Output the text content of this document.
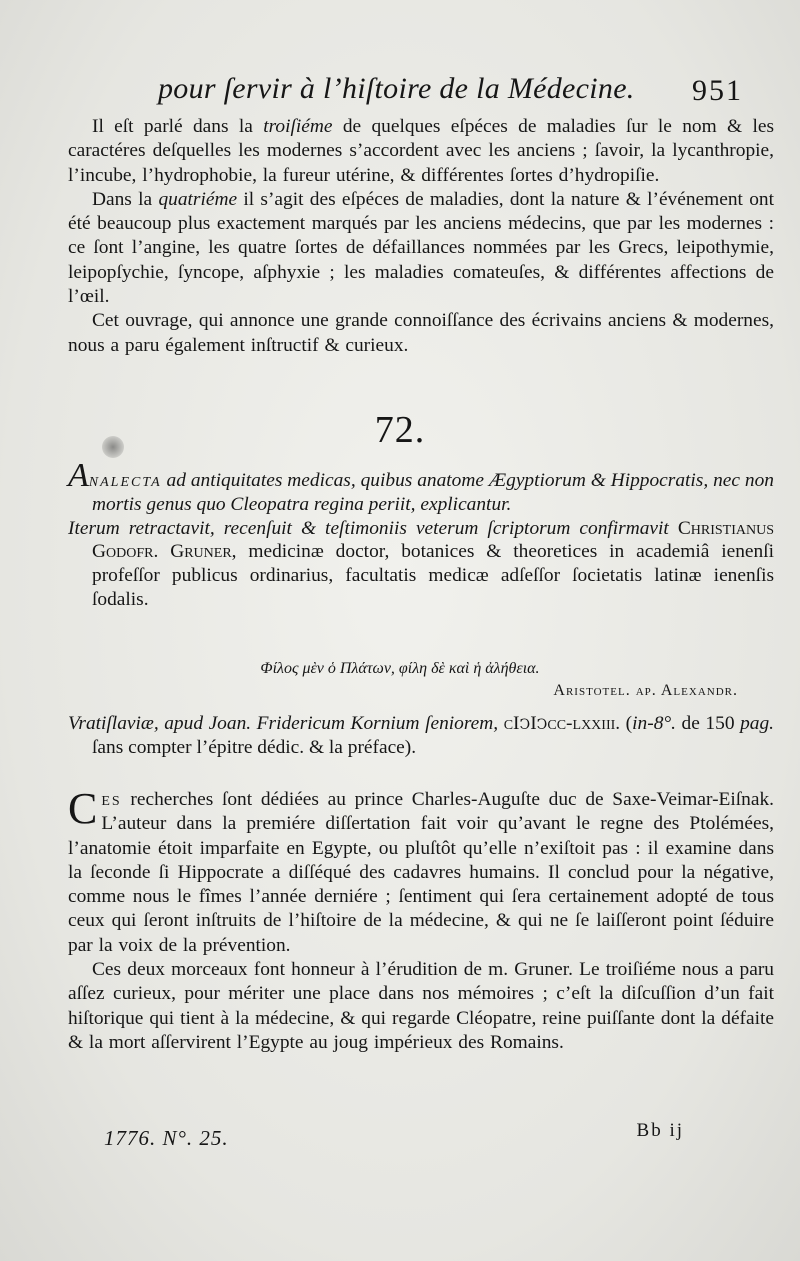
pour ſervir à l’hiſtoire de la Médecine. 951

Il eſt parlé dans la troiſiéme de quelques eſpéces de maladies ſur le nom & les caractéres deſquelles les modernes s’accordent avec les anciens ; ſavoir, la lycanthropie, l’incube, l’hydrophobie, la fureur utérine, & différentes ſortes d’hydropiſie.

Dans la quatriéme il s’agit des eſpéces de maladies, dont la nature & l’événement ont été beaucoup plus exactement marqués par les anciens médecins, que par les modernes : ce ſont l’angine, les quatre ſortes de défaillances nommées par les Grecs, leipothymie, leipopſychie, ſyncope, aſphyxie ; les maladies comateuſes, & différentes affections de l’œil.

Cet ouvrage, qui annonce une grande connoiſſance des écrivains anciens & modernes, nous a paru également inſtructif & curieux.

72.

Analecta ad antiquitates medicas, quibus anatome Ægyptiorum & Hippocratis, nec non mortis genus quo Cleopatra regina periit, explicantur.

Iterum retractavit, recenſuit & teſtimoniis veterum ſcriptorum confirmavit Christianus Godofr. Gruner, medicinæ doctor, botanices & theoretices in academiâ ienenſi profeſſor publicus ordinarius, facultatis medicæ adſeſſor ſocietatis latinæ ienenſis ſodalis.

Φίλος μὲν ὁ Πλάτων, φίλη δὲ καὶ ἡ ἀλήθεια.
Aristotel. ap. Alexandr.

Vratiſlaviæ, apud Joan. Fridericum Kornium ſeniorem, cIↄIↄcc-lxxiii. (in-8°. de 150 pag. ſans compter l’épitre dédic. & la préface).

Ces recherches ſont dédiées au prince Charles-Auguſte duc de Saxe-Veimar-Eiſnak. L’auteur dans la premiére diſſertation fait voir qu’avant le regne des Ptolémées, l’anatomie étoit imparfaite en Egypte, ou pluſtôt qu’elle n’exiſtoit pas : il examine dans la ſeconde ſi Hippocrate a diſſéqué des cadavres humains. Il conclud pour la négative, comme nous le fîmes l’année derniére ; ſentiment qui ſera certainement adopté de tous ceux qui ſeront inſtruits de l’hiſtoire de la médecine, & qui ne ſe laiſſeront point ſéduire par la voix de la prévention.

Ces deux morceaux font honneur à l’érudition de m. Gruner. Le troiſiéme nous a paru aſſez curieux, pour mériter une place dans nos mémoires ; c’eſt la diſcuſſion d’un fait hiſtorique qui tient à la médecine, & qui regarde Cléopatre, reine puiſſante dont la défaite & la mort aſſervirent l’Egypte au joug impérieux des Romains.

1776. N°. 25.	Bb ij
